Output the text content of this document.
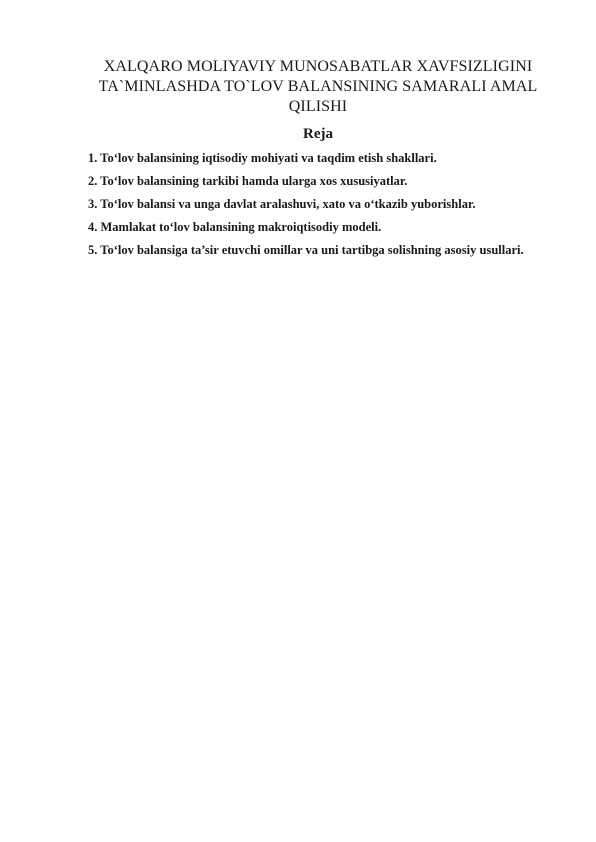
XALQARO MOLIYAVIY MUNOSABATLAR XAVFSIZLIGINI
TA`MINLASHDA TO`LOV BALANSINING SAMARALI AMAL
QILISHI
Reja
1. To‘lov balansining iqtisodiy mohiyati va taqdim etish shakllari.
2. To‘lov balansining tarkibi hamda ularga xos xususiyatlar.
3. To‘lov balansi va unga davlat aralashuvi, xato va o‘tkazib yuborishlar.
4. Mamlakat to‘lov balansining makroiqtisodiy modeli.
5. To‘lov balansiga ta’sir etuvchi omillar va uni tartibga solishning asosiy usullari.
